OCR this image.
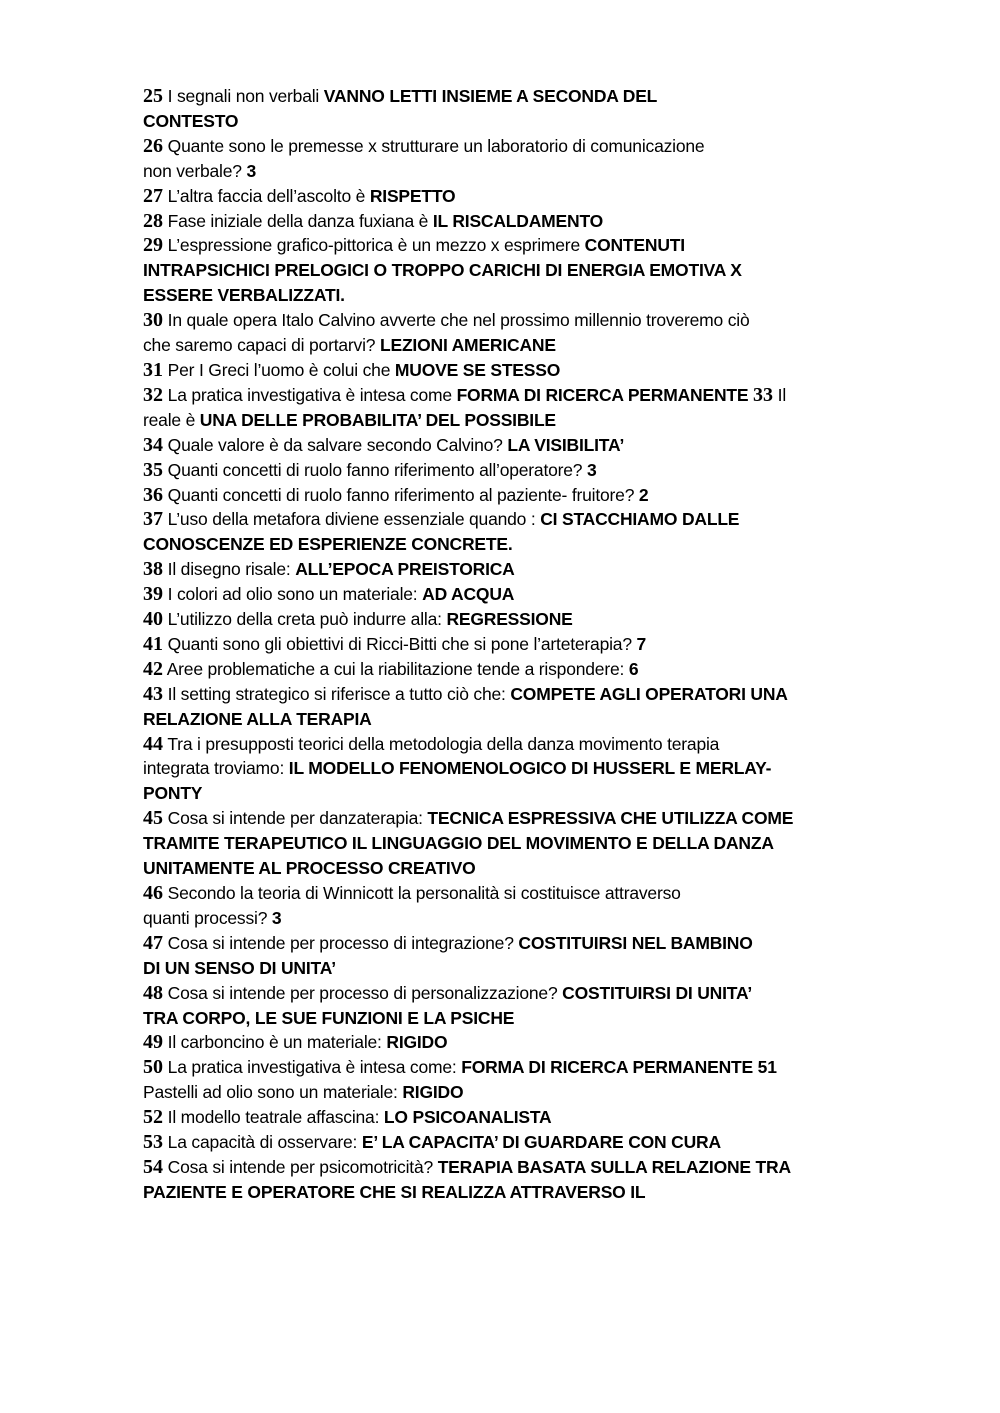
25 I segnali non verbali VANNO LETTI INSIEME A SECONDA DEL
CONTESTO
26 Quante sono le premesse x strutturare un laboratorio di comunicazione
non verbale? 3
27 L’altra faccia dell’ascolto è RISPETTO
28 Fase iniziale della danza fuxiana è IL RISCALDAMENTO
29 L’espressione grafico-pittorica è un mezzo x esprimere CONTENUTI
INTRAPSICHICI PRELOGICI O TROPPO CARICHI DI ENERGIA EMOTIVA X
ESSERE VERBALIZZATI.
30 In quale opera Italo Calvino avverte che nel prossimo millennio troveremo ciò
che saremo capaci di portarvi? LEZIONI AMERICANE
31 Per I Greci l’uomo è colui che MUOVE SE STESSO
32 La pratica investigativa è intesa come FORMA DI RICERCA PERMANENTE 33 Il
reale è UNA DELLE PROBABILITA’ DEL POSSIBILE
34 Quale valore è da salvare secondo Calvino? LA VISIBILITA’
35 Quanti concetti di ruolo fanno riferimento all’operatore? 3
36 Quanti concetti di ruolo fanno riferimento al paziente- fruitore? 2
37 L’uso della metafora diviene essenziale quando : CI STACCHIAMO DALLE
CONOSCENZE ED ESPERIENZE CONCRETE.
38 Il disegno risale: ALL’EPOCA PREISTORICA
39 I colori ad olio sono un materiale: AD ACQUA
40 L’utilizzo della creta può indurre alla: REGRESSIONE
41 Quanti sono gli obiettivi di Ricci-Bitti che si pone l’arteterapia? 7
42 Aree problematiche a cui la riabilitazione tende a rispondere: 6
43 Il setting strategico si riferisce a tutto ciò che: COMPETE AGLI OPERATORI UNA
RELAZIONE ALLA TERAPIA
44 Tra i presupposti teorici della metodologia della danza movimento terapia
integrata troviamo: IL MODELLO FENOMENOLOGICO DI HUSSERL E MERLAY-
PONTY
45 Cosa si intende per danzaterapia: TECNICA ESPRESSIVA CHE UTILIZZA COME
TRAMITE TERAPEUTICO IL LINGUAGGIO DEL MOVIMENTO E DELLA DANZA
UNITAMENTE AL PROCESSO CREATIVO
46 Secondo la teoria di Winnicott la personalità si costituisce attraverso
quanti processi? 3
47 Cosa si intende per processo di integrazione? COSTITUIRSI NEL BAMBINO
DI UN SENSO DI UNITA’
48 Cosa si intende per processo di personalizzazione? COSTITUIRSI DI UNITA’
TRA CORPO, LE SUE FUNZIONI E LA PSICHE
49 Il carboncino è un materiale: RIGIDO
50 La pratica investigativa è intesa come: FORMA DI RICERCA PERMANENTE 51
Pastelli ad olio sono un materiale: RIGIDO
52 Il modello teatrale affascina: LO PSICOANALISTA
53 La capacità di osservare: E’ LA CAPACITA’ DI GUARDARE CON CURA
54 Cosa si intende per psicomotricità? TERAPIA BASATA SULLA RELAZIONE TRA
PAZIENTE E OPERATORE CHE SI REALIZZA ATTRAVERSO IL
